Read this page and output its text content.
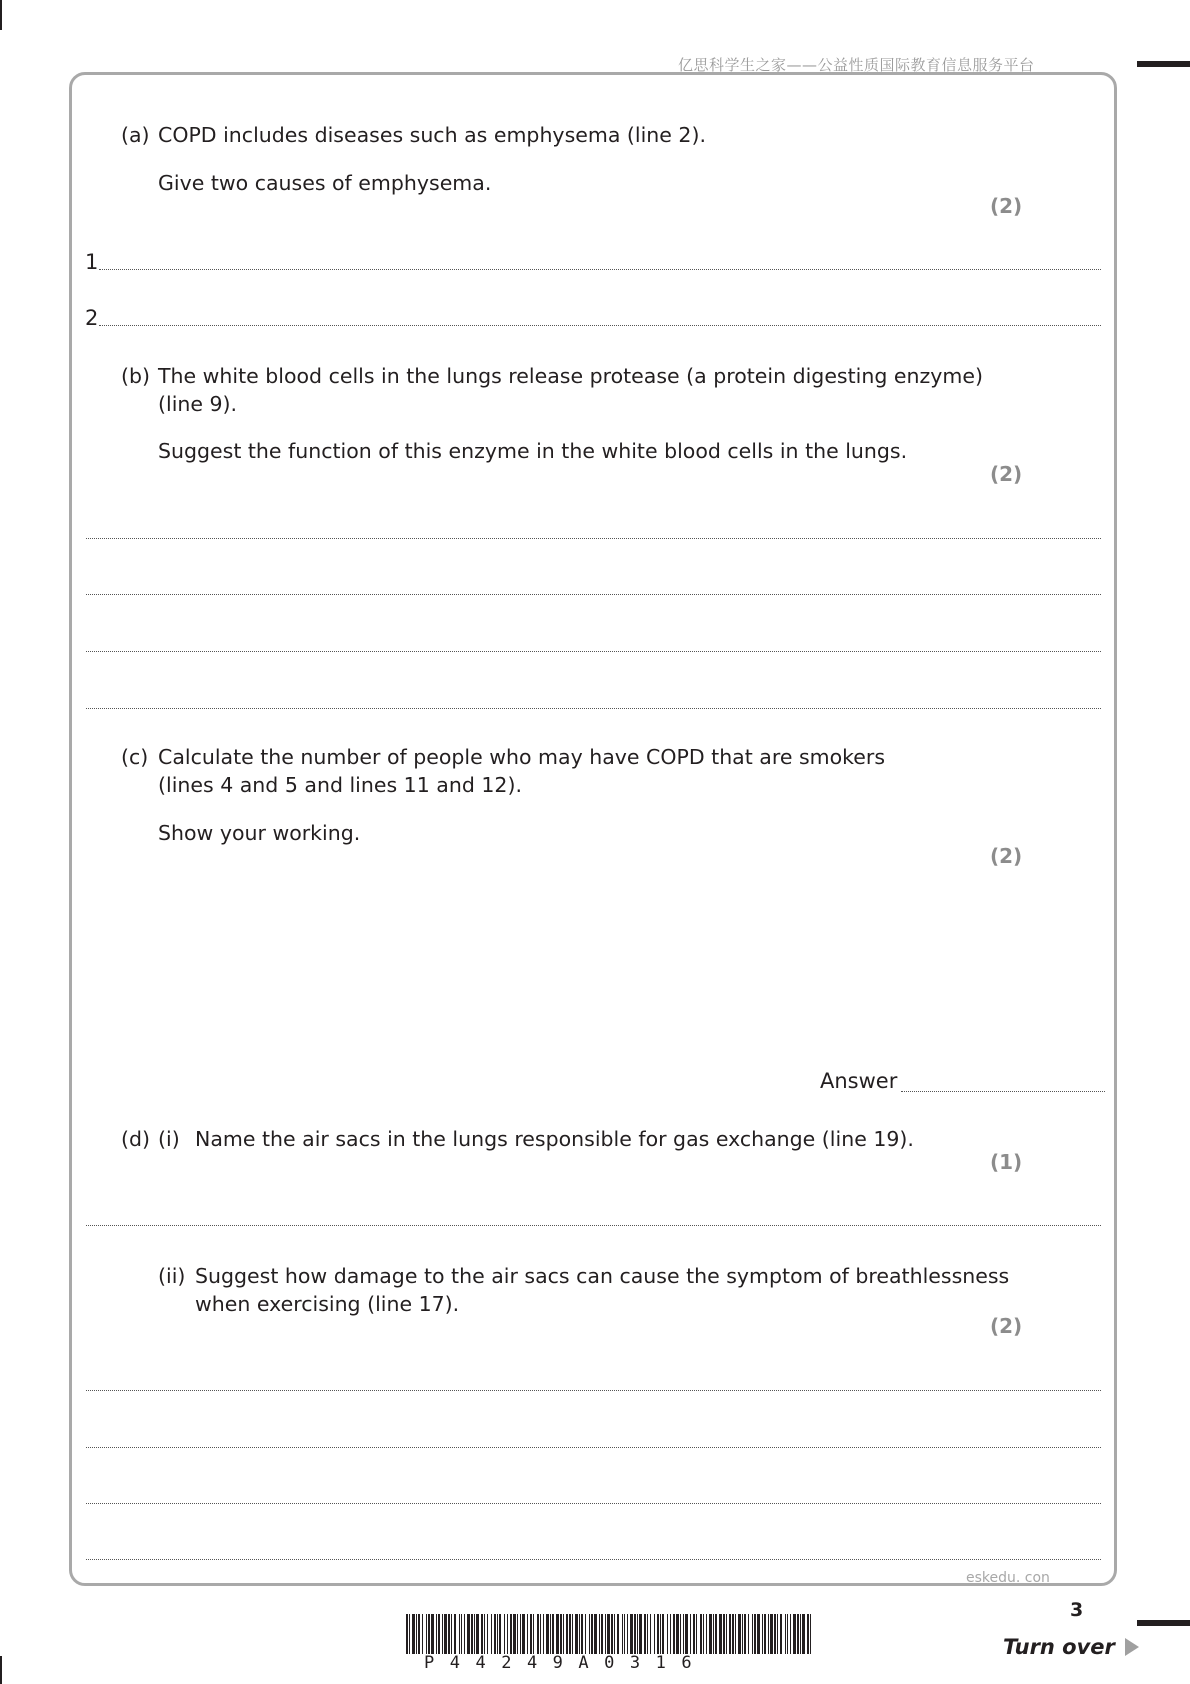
亿思科学生之家——公益性质国际教育信息服务平台
(a) COPD includes diseases such as emphysema (line 2).
Give two causes of emphysema.
(2)
1
2
(b) The white blood cells in the lungs release protease (a protein digesting enzyme)
(line 9).
Suggest the function of this enzyme in the white blood cells in the lungs.
(2)
(c) Calculate the number of people who may have COPD that are smokers
(lines 4 and 5 and lines 11 and 12).
Show your working.
(2)
Answer
(d) (i) Name the air sacs in the lungs responsible for gas exchange (line 19).
(1)
(ii) Suggest how damage to the air sacs can cause the symptom of breathlessness
when exercising (line 17).
(2)
eskedu. con
3
Turn over
P44249A0316
